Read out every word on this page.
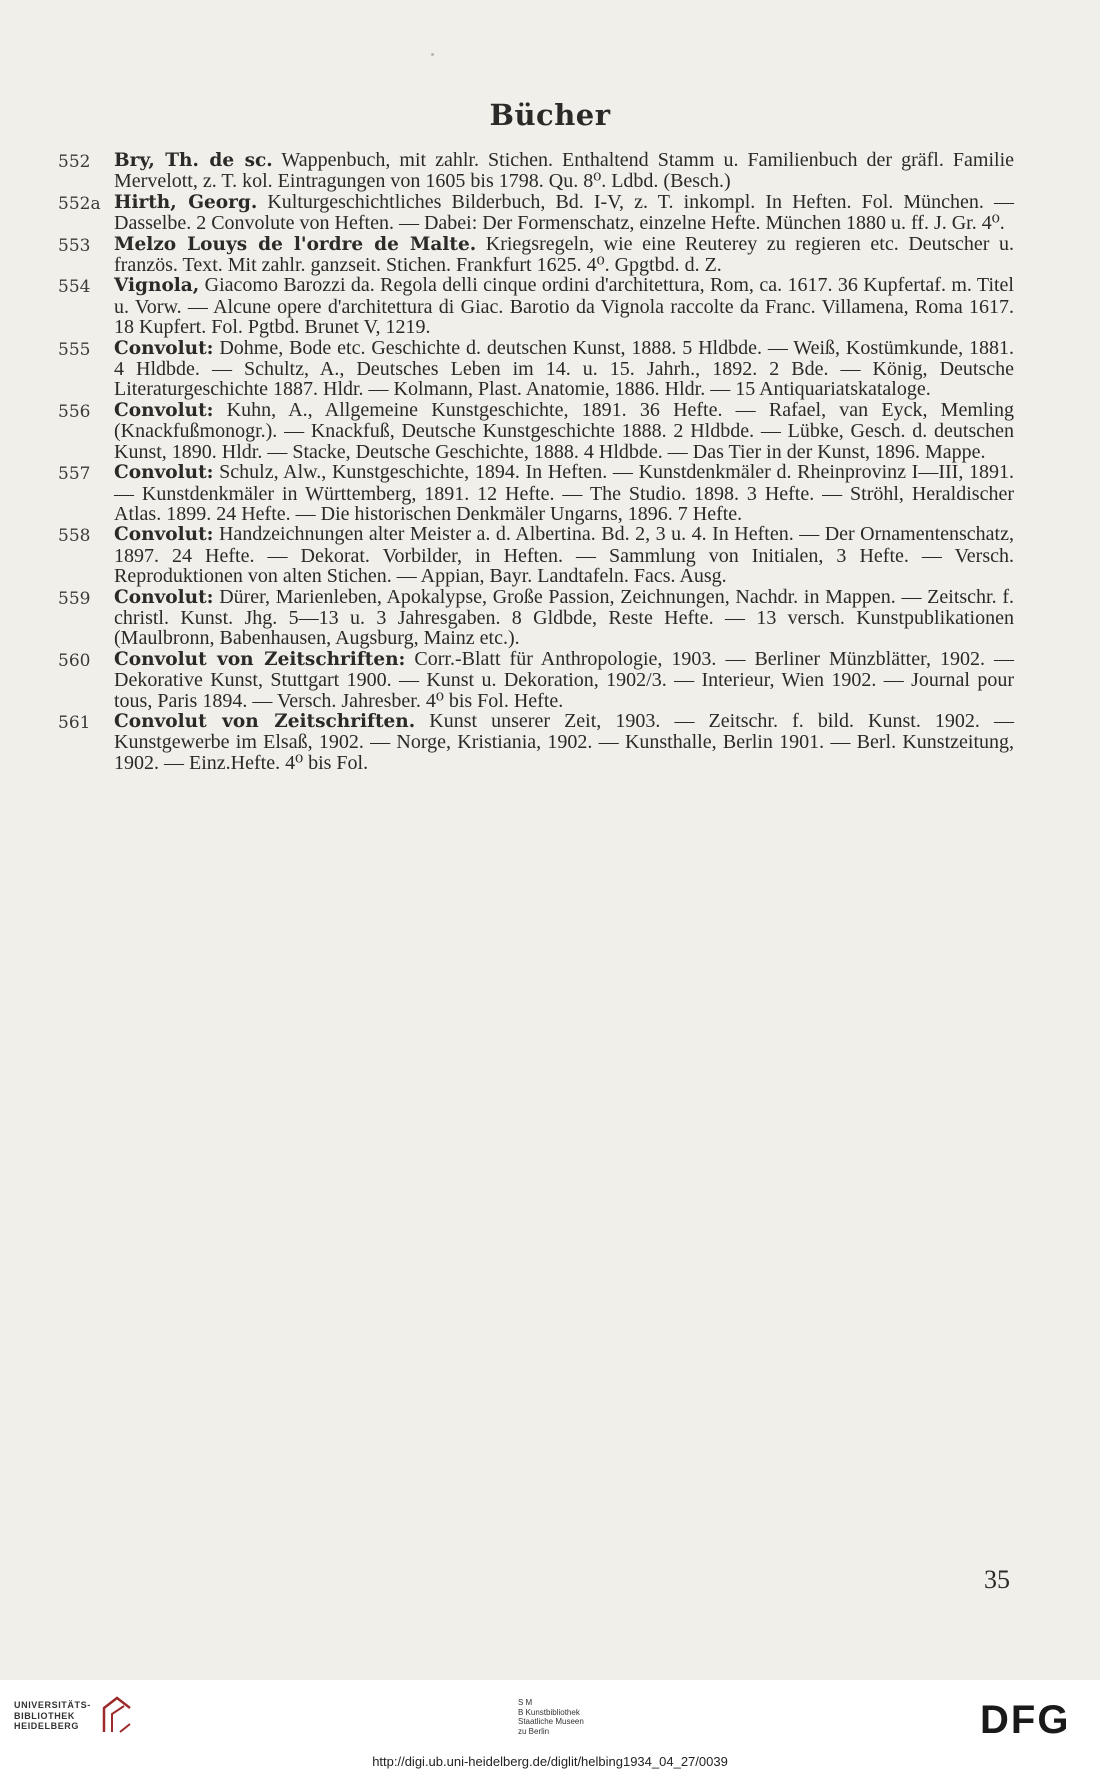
Bücher
552	Bry, Th. de sc. Wappenbuch, mit zahlr. Stichen. Enthaltend Stamm u. Familienbuch der gräfl. Familie Mervelott, z. T. kol. Eintragungen von 1605 bis 1798. Qu. 8⁰. Ldbd. (Besch.)
552a Hirth, Georg. Kulturgeschichtliches Bilderbuch, Bd. I-V, z. T. inkompl. In Heften. Fol. München. — Dasselbe. 2 Convolute von Heften. — Dabei: Der Formenschatz, einzelne Hefte. München 1880 u. ff. J. Gr. 4⁰.
553	Melzo Louys de l'ordre de Malte. Kriegsregeln, wie eine Reuterey zu regieren etc. Deutscher u. französ. Text. Mit zahlr. ganzseit. Stichen. Frankfurt 1625. 4⁰. Gpgtbd. d. Z.
554	Vignola, Giacomo Barozzi da. Regola delli cinque ordini d'architettura, Rom, ca. 1617. 36 Kupfertaf. m. Titel u. Vorw. — Alcune opere d'architettura di Giac. Barotio da Vignola raccolte da Franc. Villamena, Roma 1617. 18 Kupfert. Fol. Pgtbd. Brunet V, 1219.
555	Convolut: Dohme, Bode etc. Geschichte d. deutschen Kunst, 1888. 5 Hldbde. — Weiß, Kostümkunde, 1881. 4 Hldbde. — Schultz, A., Deutsches Leben im 14. u. 15. Jahrh., 1892. 2 Bde. — König, Deutsche Literaturgeschichte 1887. Hldr. — Kolmann, Plast. Anatomie, 1886. Hldr. — 15 Antiquariatskataloge.
556	Convolut: Kuhn, A., Allgemeine Kunstgeschichte, 1891. 36 Hefte. — Rafael, van Eyck, Memling (Knackfußmonogr.). — Knackfuß, Deutsche Kunstgeschichte 1888. 2 Hldbde. — Lübke, Gesch. d. deutschen Kunst, 1890. Hldr. — Stacke, Deutsche Geschichte, 1888. 4 Hldbde. — Das Tier in der Kunst, 1896. Mappe.
557	Convolut: Schulz, Alw., Kunstgeschichte, 1894. In Heften. — Kunstdenkmäler d. Rheinprovinz I—III, 1891. — Kunstdenkmäler in Württemberg, 1891. 12 Hefte. — The Studio. 1898. 3 Hefte. — Ströhl, Heraldischer Atlas. 1899. 24 Hefte. — Die historischen Denkmäler Ungarns, 1896. 7 Hefte.
558	Convolut: Handzeichnungen alter Meister a. d. Albertina. Bd. 2, 3 u. 4. In Heften. — Der Ornamentenschatz, 1897. 24 Hefte. — Dekorat. Vorbilder, in Heften. — Sammlung von Initialen, 3 Hefte. — Versch. Reproduktionen von alten Stichen. — Appian, Bayr. Landtafeln. Facs. Ausg.
559	Convolut: Dürer, Marienleben, Apokalypse, Große Passion, Zeichnungen, Nachdr. in Mappen. — Zeitschr. f. christl. Kunst. Jhg. 5—13 u. 3 Jahresgaben. 8 Gldbde, Reste Hefte. — 13 versch. Kunstpublikationen (Maulbronn, Babenhausen, Augsburg, Mainz etc.).
560	Convolut von Zeitschriften: Corr.-Blatt für Anthropologie, 1903. — Berliner Münzblätter, 1902. — Dekorative Kunst, Stuttgart 1900. — Kunst u. Dekoration, 1902/3. — Interieur, Wien 1902. — Journal pour tous, Paris 1894. — Versch. Jahresber. 4⁰ bis Fol. Hefte.
561	Convolut von Zeitschriften. Kunst unserer Zeit, 1903. — Zeitschr. f. bild. Kunst. 1902. — Kunstgewerbe im Elsaß, 1902. — Norge, Kristiania, 1902. — Kunsthalle, Berlin 1901. — Berl. Kunstzeitung, 1902. — Einz.Hefte. 4⁰ bis Fol.
35
UNIVERSITÄTS-
BIBLIOTHEK
HEIDELBERG
S M
B Kunstbibliothek
Staatliche Museen
zu Berlin	DFG
http://digi.ub.uni-heidelberg.de/diglit/helbing1934_04_27/0039
